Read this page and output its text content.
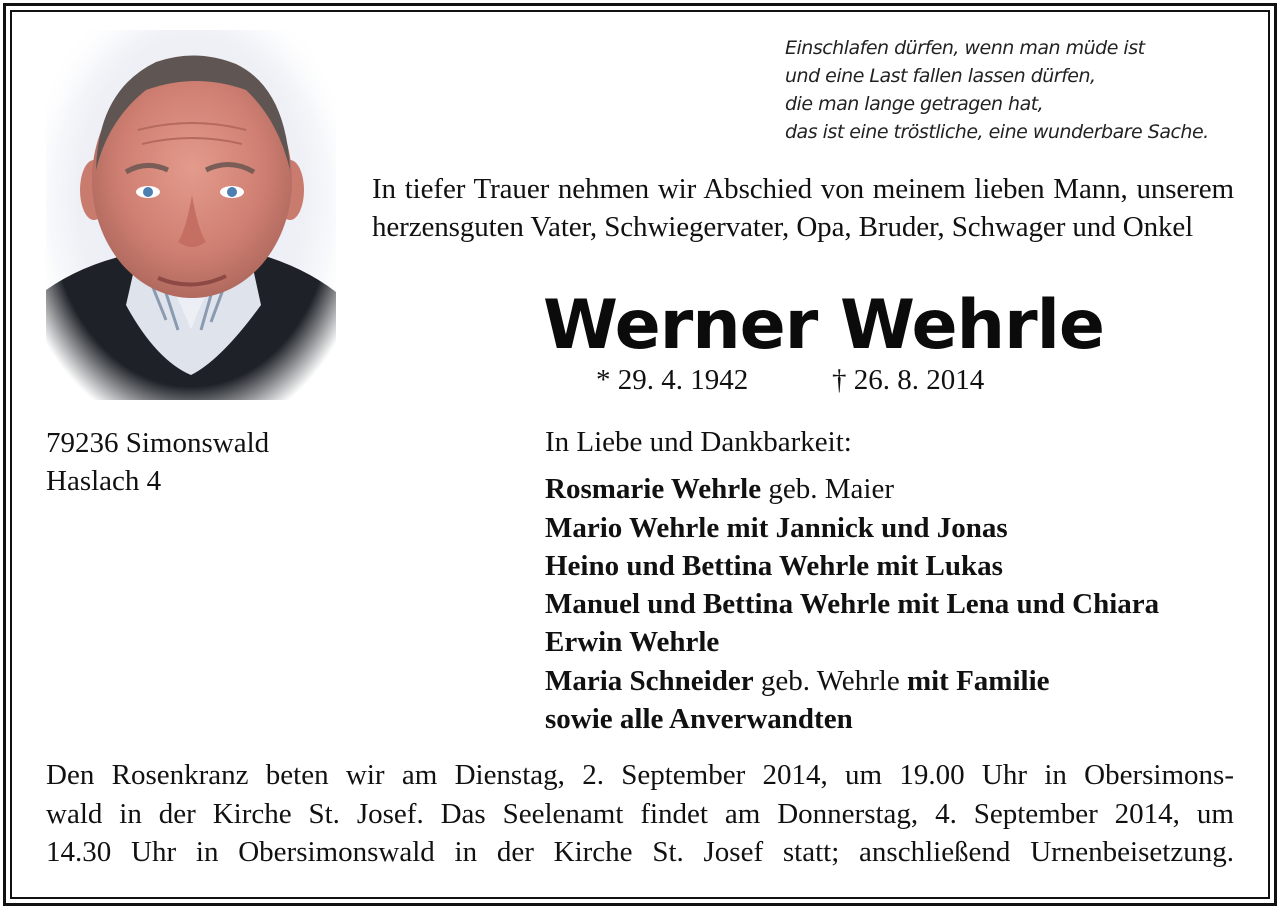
Einschlafen dürfen, wenn man müde ist
und eine Last fallen lassen dürfen,
die man lange getragen hat,
das ist eine tröstliche, eine wunderbare Sache.
In tiefer Trauer nehmen wir Abschied von meinem lieben Mann, unserem herzensguten Vater, Schwiegervater, Opa, Bruder, Schwager und Onkel
Werner Wehrle
* 29. 4. 1942	† 26. 8. 2014
79236 Simonswald
Haslach 4
In Liebe und Dankbarkeit:
Rosmarie Wehrle geb. Maier
Mario Wehrle mit Jannick und Jonas
Heino und Bettina Wehrle mit Lukas
Manuel und Bettina Wehrle mit Lena und Chiara
Erwin Wehrle
Maria Schneider geb. Wehrle mit Familie
sowie alle Anverwandten
Den Rosenkranz beten wir am Dienstag, 2. September 2014, um 19.00 Uhr in Obersimons-
wald in der Kirche St. Josef. Das Seelenamt findet am Donnerstag, 4. September 2014, um
14.30 Uhr in Obersimonswald in der Kirche St. Josef statt; anschließend Urnenbeisetzung.
